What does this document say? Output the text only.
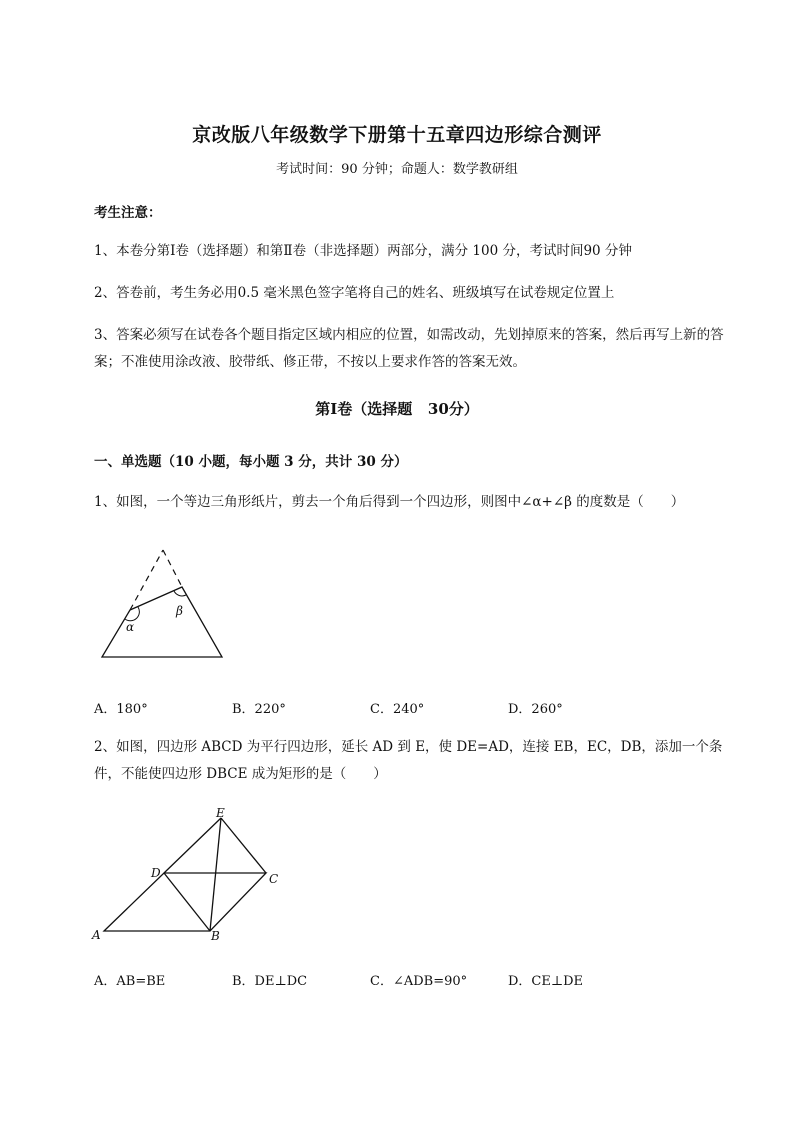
京改版八年级数学下册第十五章四边形综合测评
考试时间：90 分钟；命题人：数学教研组
考生注意：
1、本卷分第Ⅰ卷（选择题）和第Ⅱ卷（非选择题）两部分，满分 100 分，考试时间90 分钟
2、答卷前，考生务必用0.5 毫米黑色签字笔将自己的姓名、班级填写在试卷规定位置上
3、答案必须写在试卷各个题目指定区域内相应的位置，如需改动，先划掉原来的答案，然后再写上新的答案；不准使用涂改液、胶带纸、修正带，不按以上要求作答的答案无效。
第Ⅰ卷（选择题   30分）
一、单选题（10 小题，每小题 3 分，共计 30 分）
1、如图，一个等边三角形纸片，剪去一个角后得到一个四边形，则图中∠α+∠β 的度数是（　　）
α
β
A．180°	B．220°	C．240°	D．260°
2、如图，四边形 ABCD 为平行四边形，延长 AD 到 E，使 DE=AD，连接 EB，EC，DB，添加一个条件，不能使四边形 DBCE 成为矩形的是（　　）
A	B
C
D
E
A．AB=BE	B．DE⊥DC	C．∠ADB=90°	D．CE⊥DE
